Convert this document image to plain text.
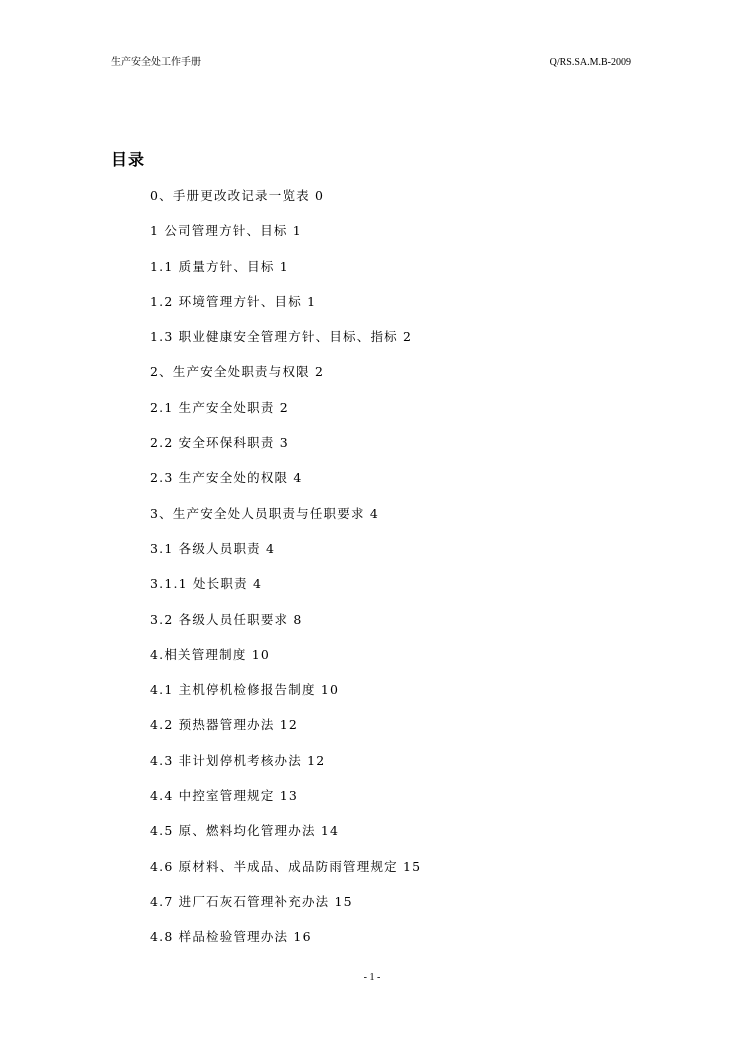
生产安全处工作手册	Q/RS.SA.M.B-2009
目录
0、手册更改改记录一览表 0
1 公司管理方针、目标 1
1.1 质量方针、目标 1
1.2 环境管理方针、目标 1
1.3 职业健康安全管理方针、目标、指标 2
2、生产安全处职责与权限 2
2.1 生产安全处职责 2
2.2 安全环保科职责 3
2.3 生产安全处的权限 4
3、生产安全处人员职责与任职要求 4
3.1 各级人员职责 4
3.1.1 处长职责 4
3.2 各级人员任职要求 8
4.相关管理制度 10
4.1 主机停机检修报告制度 10
4.2 预热器管理办法 12
4.3 非计划停机考核办法 12
4.4 中控室管理规定 13
4.5 原、燃料均化管理办法 14
4.6 原材料、半成品、成品防雨管理规定 15
4.7 进厂石灰石管理补充办法 15
4.8 样品检验管理办法 16
- 1 -
